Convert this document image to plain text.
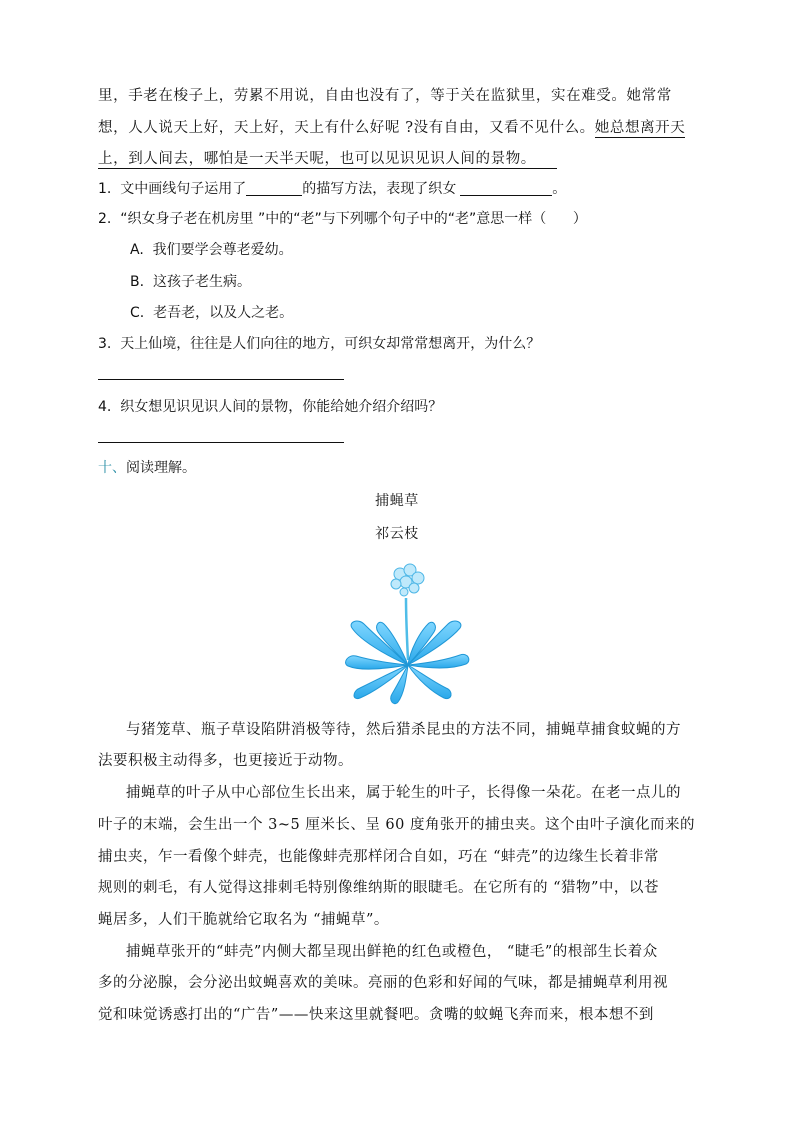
里，手老在梭子上，劳累不用说，自由也没有了，等于关在监狱里，实在难受。她常常
想，人人说天上好，天上好，天上有什么好呢 ?没有自由，又看不见什么。她总想离开天
上，到人间去，哪怕是一天半天呢，也可以见识见识人间的景物。
1.  文中画线句子运用了	的描写方法，表现了织女	。
2.  “织女身子老在机房里 ”中的“老”与下列哪个句子中的“老”意思一样（      ）
A.  我们要学会尊老爱幼。
B.  这孩子老生病。
C.  老吾老，以及人之老。
3.  天上仙境，往往是人们向往的地方，可织女却常常想离开，为什么？
4.  织女想见识见识人间的景物，你能给她介绍介绍吗？
十、阅读理解。
捕蝇草
祁云枝
与猪笼草、瓶子草设陷阱消极等待，然后猎杀昆虫的方法不同，捕蝇草捕食蚊蝇的方
法要积极主动得多，也更接近于动物。
捕蝇草的叶子从中心部位生长出来，属于轮生的叶子，长得像一朵花。在老一点儿的
叶子的末端，会生出一个 3~5 厘米长、呈 60 度角张开的捕虫夹。这个由叶子演化而来的
捕虫夹，乍一看像个蚌壳，也能像蚌壳那样闭合自如，巧在 “蚌壳”的边缘生长着非常
规则的刺毛，有人觉得这排刺毛特别像维纳斯的眼睫毛。在它所有的 “猎物”中，以苍
蝇居多，人们干脆就给它取名为 “捕蝇草”。
捕蝇草张开的“蚌壳”内侧大都呈现出鲜艳的红色或橙色， “睫毛”的根部生长着众
多的分泌腺，会分泌出蚊蝇喜欢的美味。亮丽的色彩和好闻的气味，都是捕蝇草利用视
觉和味觉诱惑打出的“广告”——快来这里就餐吧。贪嘴的蚊蝇飞奔而来，根本想不到
